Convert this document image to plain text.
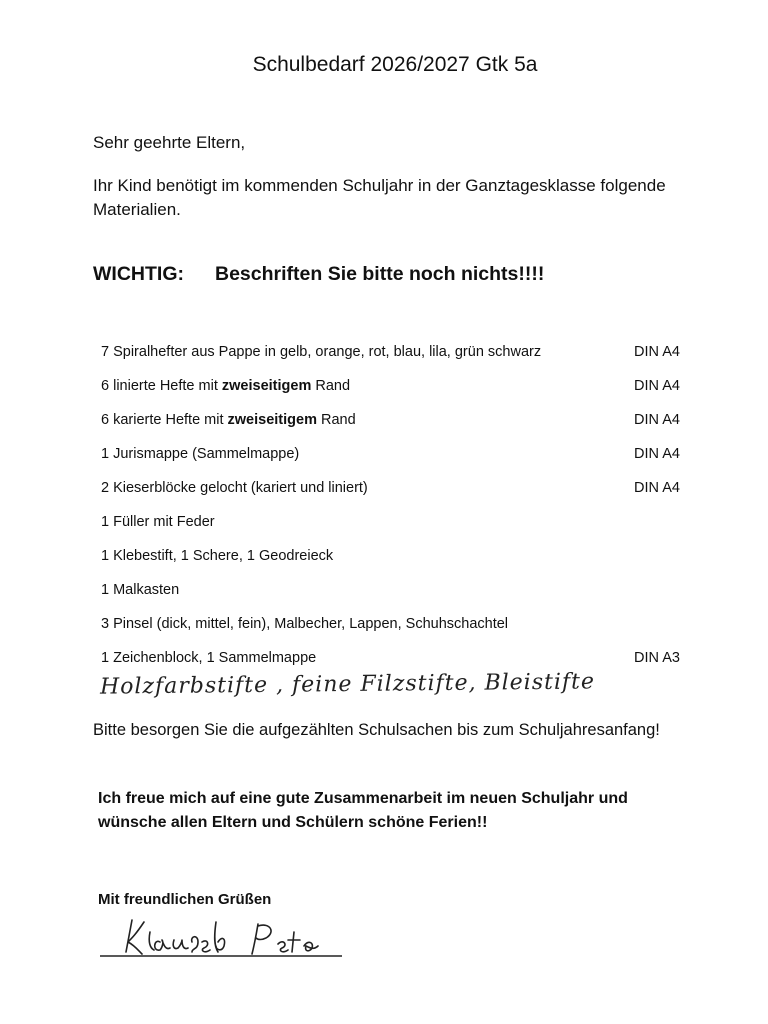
Schulbedarf 2026/2027 Gtk 5a
Sehr geehrte Eltern,
Ihr Kind benötigt im kommenden Schuljahr in der Ganztagesklasse folgende Materialien.
WICHTIG: Beschriften Sie bitte noch nichts!!!!
7 Spiralhefter aus Pappe in gelb, orange, rot, blau, lila, grün schwarz	DIN A4
6 linierte Hefte mit zweiseitigem Rand	DIN A4
6 karierte Hefte mit zweiseitigem Rand	DIN A4
1 Jurismappe (Sammelmappe)	DIN A4
2 Kieserblöcke gelocht (kariert und liniert)	DIN A4
1 Füller mit Feder
1 Klebestift, 1 Schere, 1 Geodreieck
1 Malkasten
3 Pinsel (dick, mittel, fein), Malbecher, Lappen, Schuhschachtel
1 Zeichenblock, 1 Sammelmappe	DIN A3
Holzfarbstifte , feine Filzstifte, Bleistifte
Bitte besorgen Sie die aufgezählten Schulsachen bis zum Schuljahresanfang!
Ich freue mich auf eine gute Zusammenarbeit im neuen Schuljahr und wünsche allen Eltern und Schülern schöne Ferien!!
Mit freundlichen Grüßen
